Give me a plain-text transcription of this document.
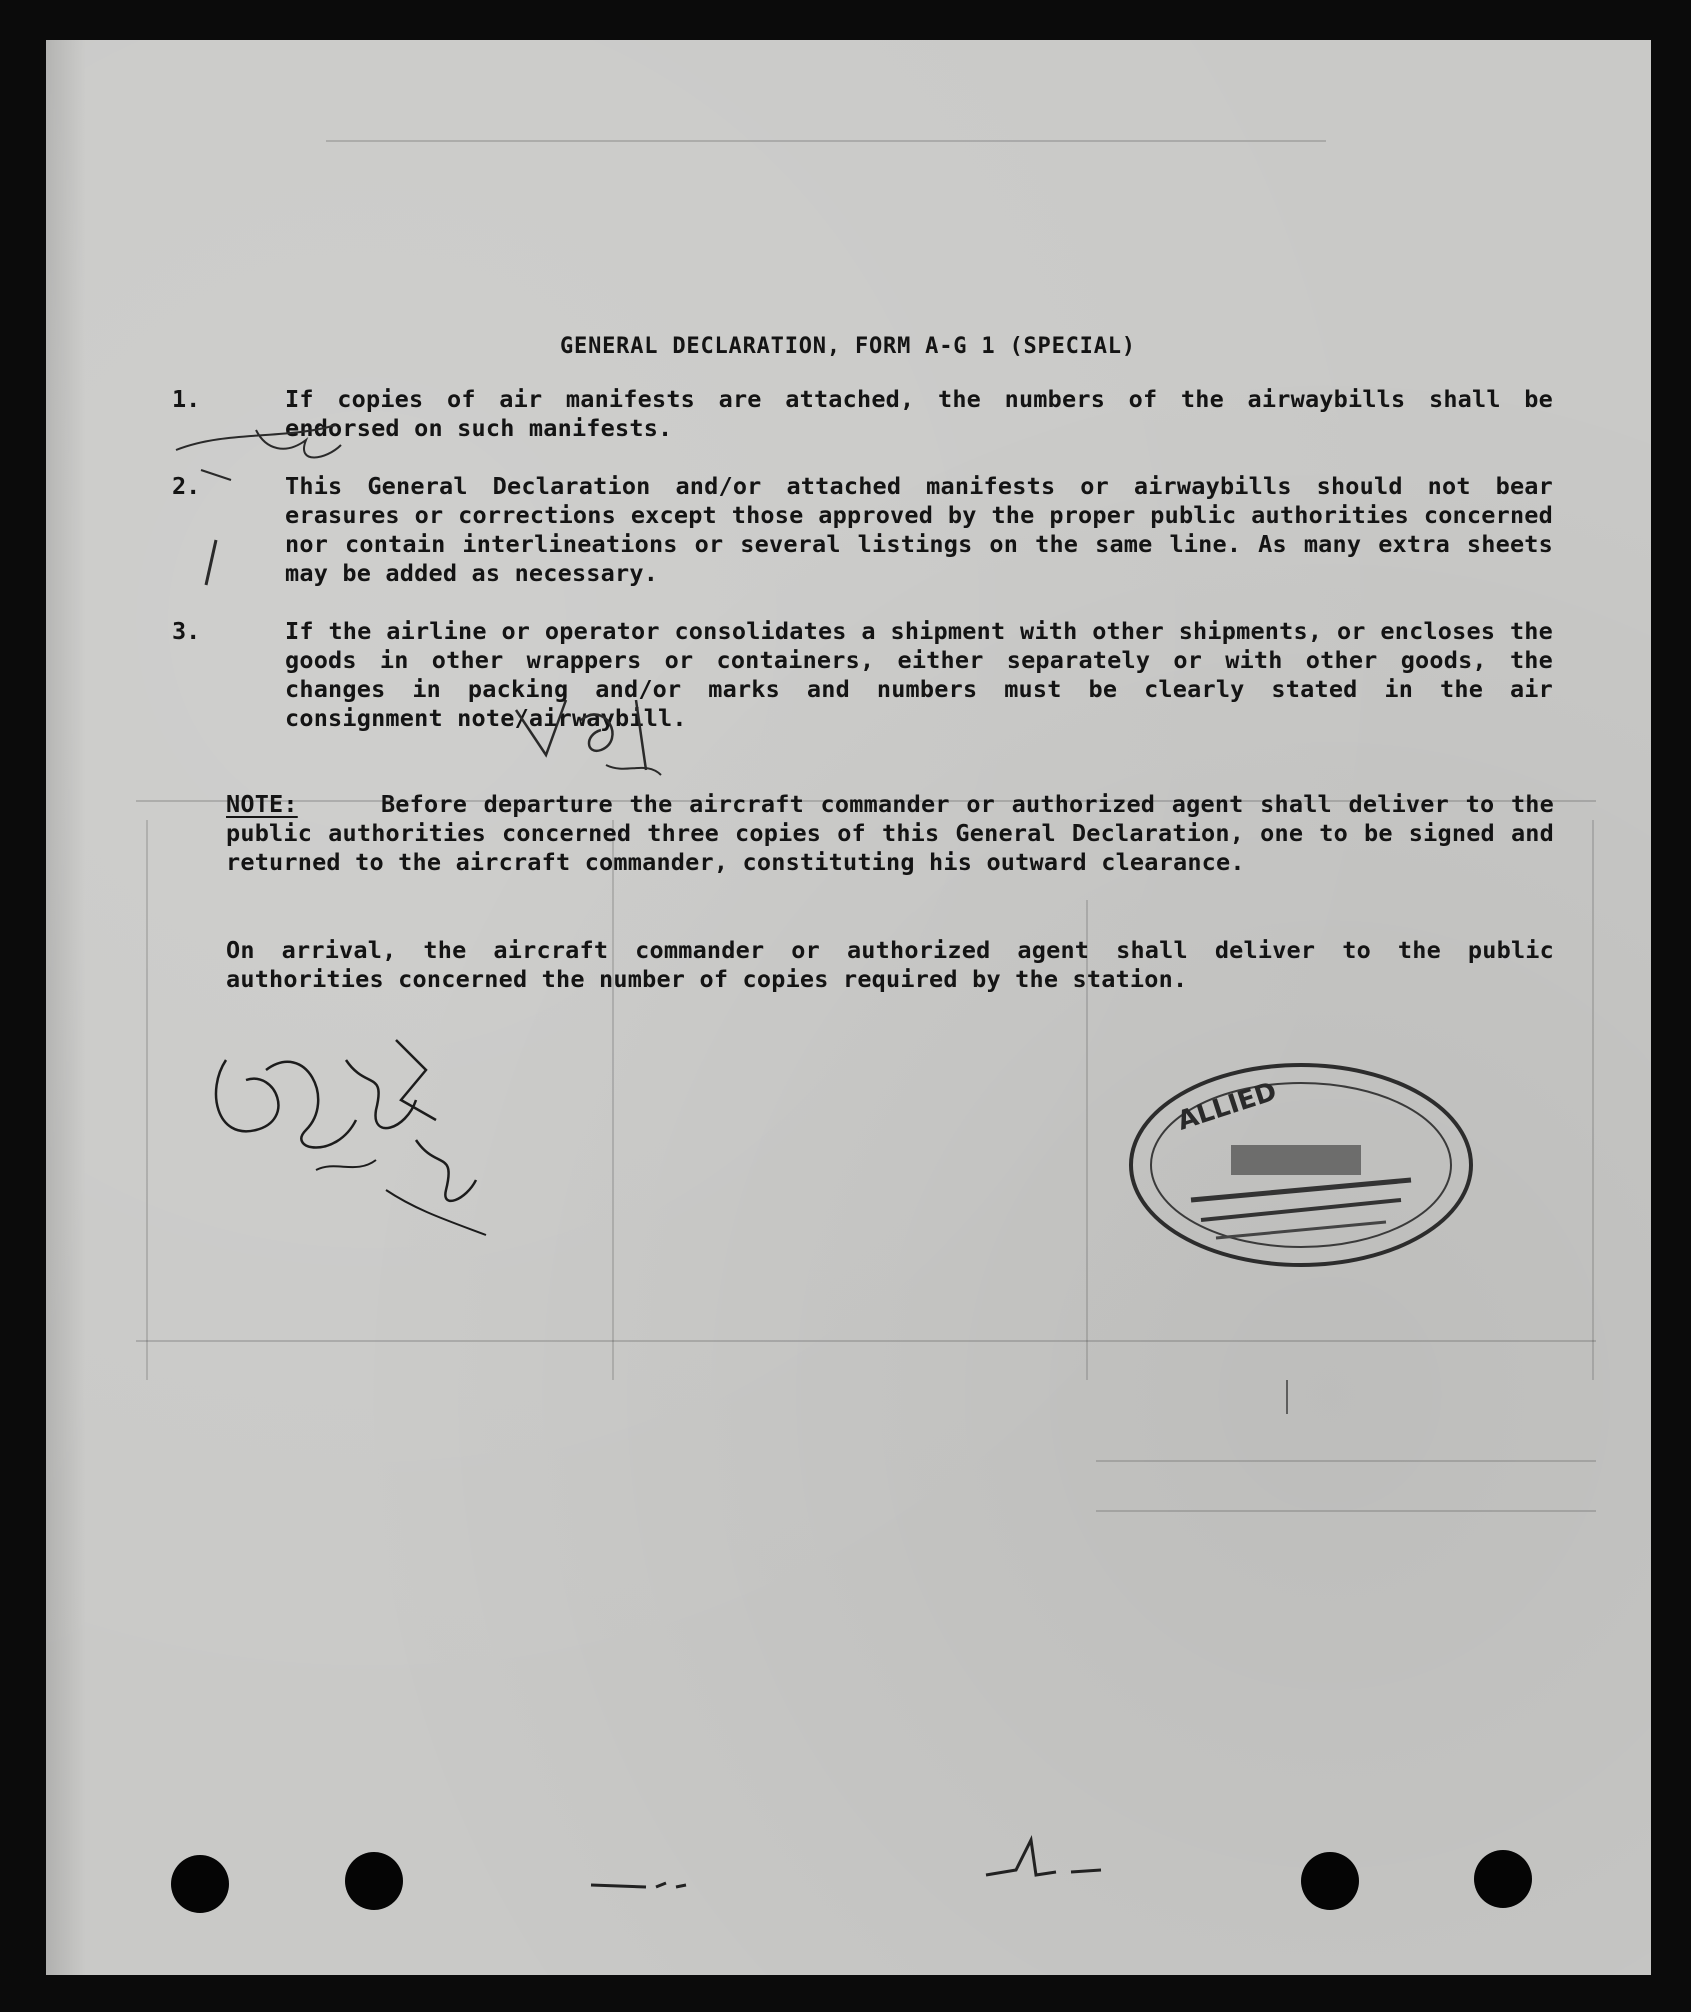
GENERAL DECLARATION, FORM A-G 1 (SPECIAL)
1.	If copies of air manifests are attached, the numbers of the airwaybills shall be endorsed on such manifests.
2.	This General Declaration and/or attached manifests or airwaybills should not bear erasures or corrections except those approved by the proper public authorities concerned nor contain interlineations or several listings on the same line. As many extra sheets may be added as necessary.
3.	If the airline or operator consolidates a shipment with other shipments, or encloses the goods in other wrappers or containers, either separately or with other goods, the changes in packing and/or marks and numbers must be clearly stated in the air consignment note/airwaybill.
NOTE:	Before departure the aircraft commander or authorized agent shall deliver to the public authorities concerned three copies of this General Declaration, one to be signed and returned to the aircraft commander, constituting his outward clearance.
On arrival, the aircraft commander or authorized agent shall deliver to the public authorities concerned the number of copies required by the station.
ALLIED
